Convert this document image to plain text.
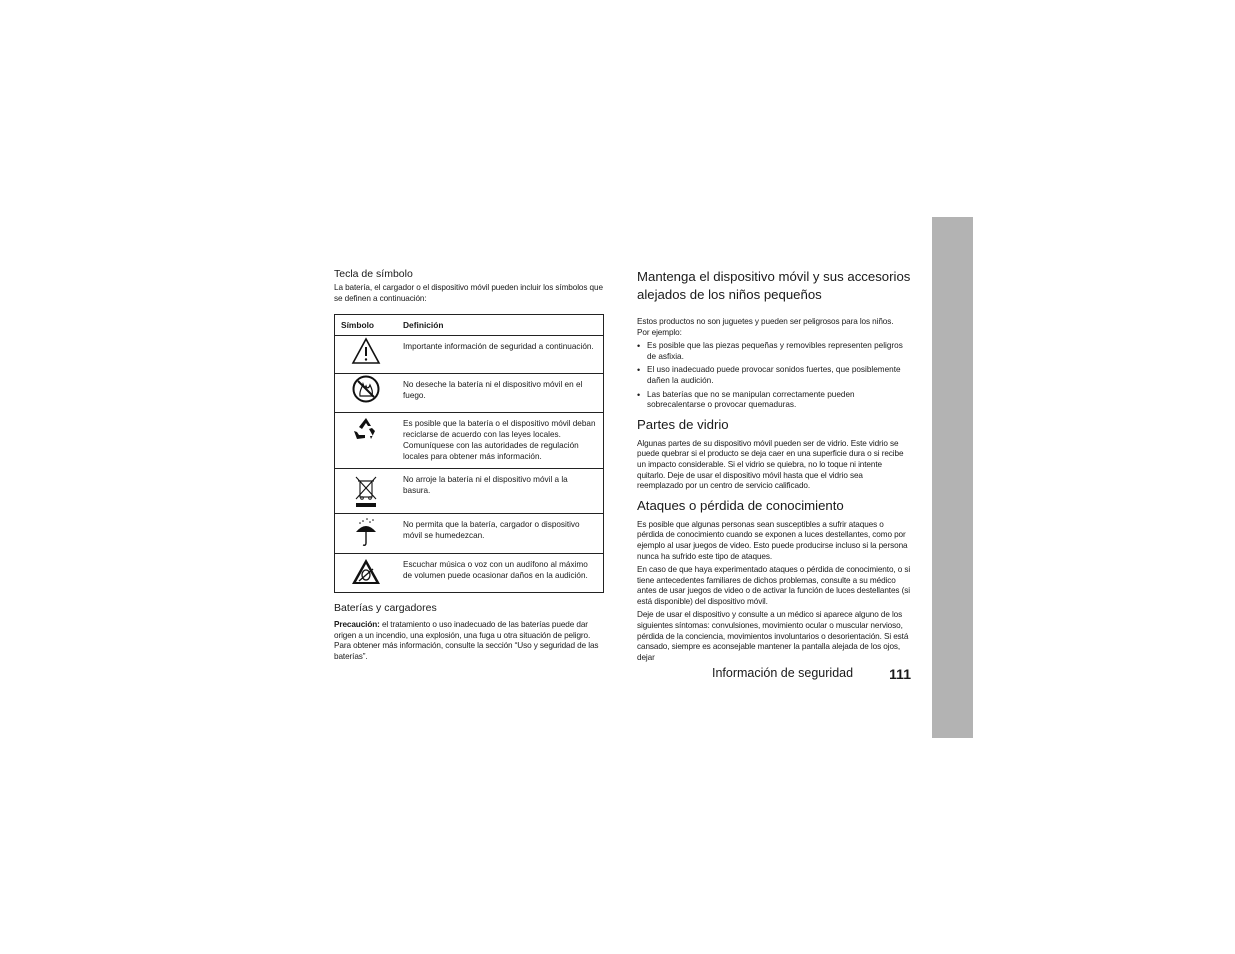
Tecla de símbolo

La batería, el cargador o el dispositivo móvil pueden incluir los símbolos que se definen a continuación:

Símbolo	Definición

	Importante información de seguridad a continuación.

	No deseche la batería ni el dispositivo móvil en el fuego.

	Es posible que la batería o el dispositivo móvil deban reciclarse de acuerdo con las leyes locales. Comuníquese con las autoridades de regulación locales para obtener más información.

	No arroje la batería ni el dispositivo móvil a la basura.

	No permita que la batería, cargador o dispositivo móvil se humedezcan.

	Escuchar música o voz con un audífono al máximo de volumen puede ocasionar daños en la audición.

Baterías y cargadores

Precaución: el tratamiento o uso inadecuado de las baterías puede dar origen a un incendio, una explosión, una fuga u otra situación de peligro. Para obtener más información, consulte la sección “Uso y seguridad de las baterías”.

Mantenga el dispositivo móvil y sus accesorios alejados de los niños pequeños

Estos productos no son juguetes y pueden ser peligrosos para los niños.

Por ejemplo:

• Es posible que las piezas pequeñas y removibles representen peligros de asfixia.
• El uso inadecuado puede provocar sonidos fuertes, que posiblemente dañen la audición.
• Las baterías que no se manipulan correctamente pueden sobrecalentarse o provocar quemaduras.
Partes de vidrio

Algunas partes de su dispositivo móvil pueden ser de vidrio. Este vidrio se puede quebrar si el producto se deja caer en una superficie dura o si recibe un impacto considerable. Si el vidrio se quiebra, no lo toque ni intente quitarlo. Deje de usar el dispositivo móvil hasta que el vidrio sea reemplazado por un centro de servicio calificado.

Ataques o pérdida de conocimiento

Es posible que algunas personas sean susceptibles a sufrir ataques o pérdida de conocimiento cuando se exponen a luces destellantes, como por ejemplo al usar juegos de video. Esto puede producirse incluso si la persona nunca ha sufrido este tipo de ataques.

En caso de que haya experimentado ataques o pérdida de conocimiento, o si tiene antecedentes familiares de dichos problemas, consulte a su médico antes de usar juegos de video o de activar la función de luces destellantes (si está disponible) del dispositivo móvil.

Deje de usar el dispositivo y consulte a un médico si aparece alguno de los siguientes síntomas: convulsiones, movimiento ocular o muscular nervioso, pérdida de la conciencia, movimientos involuntarios o desorientación. Si está cansado, siempre es aconsejable mantener la pantalla alejada de los ojos, dejar

Información de seguridad	111
